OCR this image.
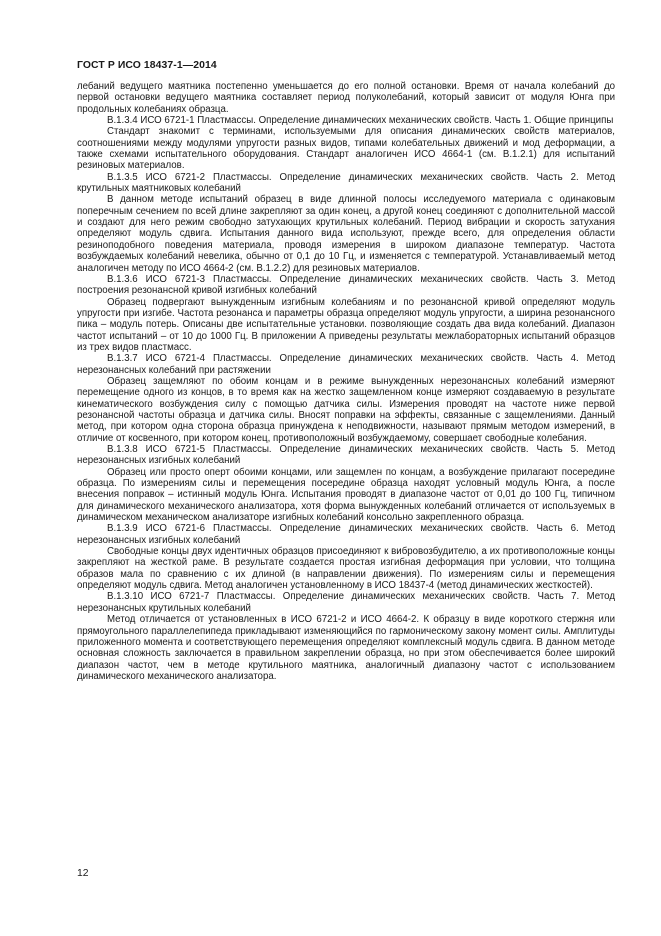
ГОСТ Р ИСО 18437-1—2014

лебаний ведущего маятника постепенно уменьшается до его полной остановки. Время от начала колебаний до первой остановки ведущего маятника составляет период полуколебаний, который зависит от модуля Юнга при продольных колебаниях образца.

В.1.3.4 ИСО 6721-1 Пластмассы. Определение динамических механических свойств. Часть 1. Общие принципы

Стандарт знакомит с терминами, используемыми для описания динамических свойств материалов, соотношениями между модулями упругости разных видов, типами колебательных движений и мод деформации, а также схемами испытательного оборудования. Стандарт аналогичен ИСО 4664-1 (см. В.1.2.1) для испытаний резиновых материалов.

В.1.3.5 ИСО 6721-2 Пластмассы. Определение динамических механических свойств. Часть 2. Метод крутильных маятниковых колебаний

В данном методе испытаний образец в виде длинной полосы исследуемого материала с одинаковым поперечным сечением по всей длине закрепляют за один конец, а другой конец соединяют с дополнительной массой и создают для него режим свободно затухающих крутильных колебаний. Период вибрации и скорость затухания определяют модуль сдвига. Испытания данного вида используют, прежде всего, для определения области резиноподобного поведения материала, проводя измерения в широком диапазоне температур. Частота возбуждаемых колебаний невелика, обычно от 0,1 до 10 Гц, и изменяется с температурой. Устанавливаемый метод аналогичен методу по ИСО 4664-2 (см. В.1.2.2) для резиновых материалов.

В.1.3.6 ИСО 6721-3 Пластмассы. Определение динамических механических свойств. Часть 3. Метод построения резонансной кривой изгибных колебаний

Образец подвергают вынужденным изгибным колебаниям и по резонансной кривой определяют модуль упругости при изгибе. Частота резонанса и параметры образца определяют модуль упругости, а ширина резонансного пика – модуль потерь. Описаны две испытательные установки. позволяющие создать два вида колебаний. Диапазон частот испытаний – от 10 до 1000 Гц. В приложении А приведены результаты межлабораторных испытаний образцов из трех видов пластмасс.

В.1.3.7 ИСО 6721-4 Пластмассы. Определение динамических механических свойств. Часть 4. Метод нерезонансных колебаний при растяжении

Образец защемляют по обоим концам и в режиме вынужденных нерезонансных колебаний измеряют перемещение одного из концов, в то время как на жестко защемленном конце измеряют создаваемую в результате кинематического возбуждения силу с помощью датчика силы. Измерения проводят на частоте ниже первой резонансной частоты образца и датчика силы. Вносят поправки на эффекты, связанные с защемлениями. Данный метод, при котором одна сторона образца принуждена к неподвижности, называют прямым методом измерений, в отличие от косвенного, при котором конец, противоположный возбуждаемому, совершает свободные колебания.

В.1.3.8 ИСО 6721-5 Пластмассы. Определение динамических механических свойств. Часть 5. Метод нерезонансных изгибных колебаний

Образец или просто оперт обоими концами, или защемлен по концам, а возбуждение прилагают посередине образца. По измерениям силы и перемещения посередине образца находят условный модуль Юнга, а после внесения поправок – истинный модуль Юнга. Испытания проводят в диапазоне частот от 0,01 до 100 Гц, типичном для динамического механического анализатора, хотя форма вынужденных колебаний отличается от используемых в динамическом механическом анализаторе изгибных колебаний консольно закрепленного образца.

В.1.3.9 ИСО 6721-6 Пластмассы. Определение динамических механических свойств. Часть 6. Метод нерезонансных изгибных колебаний

Свободные концы двух идентичных образцов присоединяют к вибровозбудителю, а их противоположные концы закрепляют на жесткой раме. В результате создается простая изгибная деформация при условии, что толщина образов мала по сравнению с их длиной (в направлении движения). По измерениям силы и перемещения определяют модуль сдвига. Метод аналогичен установленному в ИСО 18437-4 (метод динамических жесткостей).

В.1.3.10 ИСО 6721-7 Пластмассы. Определение динамических механических свойств. Часть 7. Метод нерезонансных крутильных колебаний

Метод отличается от установленных в ИСО 6721-2 и ИСО 4664-2. К образцу в виде короткого стержня или прямоугольного параллелепипеда прикладывают изменяющийся по гармоническому закону момент силы. Амплитуды приложенного момента и соответствующего перемещения определяют комплексный модуль сдвига. В данном методе основная сложность заключается в правильном закреплении образца, но при этом обеспечивается более широкий диапазон частот, чем в методе крутильного маятника, аналогичный диапазону частот с использованием динамического механического анализатора.

12
